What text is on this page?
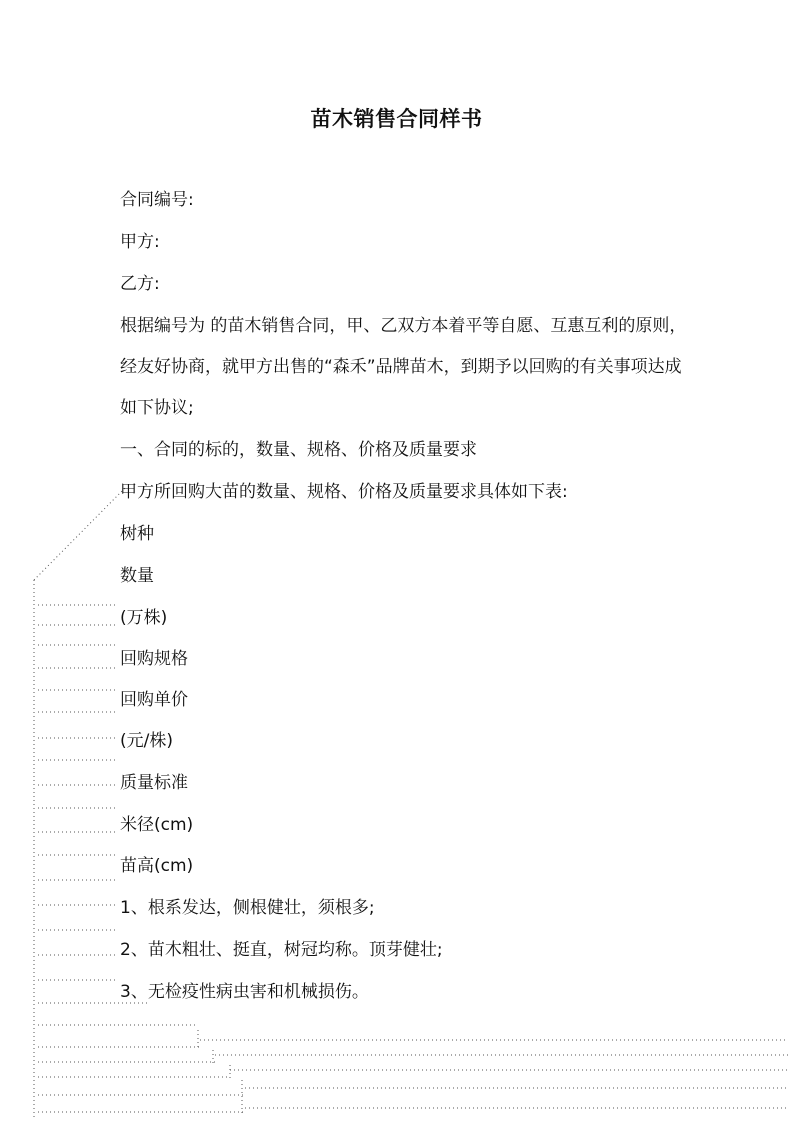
苗木销售合同样书
合同编号:
甲方:
乙方:
根据编号为 的苗木销售合同，甲、乙双方本着平等自愿、互惠互利的原则，经友好协商，就甲方出售的“森禾”品牌苗木，到期予以回购的有关事项达成如下协议;
一、合同的标的，数量、规格、价格及质量要求
甲方所回购大苗的数量、规格、价格及质量要求具体如下表:
树种
数量
(万株)
回购规格
回购单价
(元/株)
质量标准
米径(cm)
苗高(cm)
1、根系发达，侧根健壮，须根多;
2、苗木粗壮、挺直，树冠均称。顶芽健壮;
3、无检疫性病虫害和机械损伤。
